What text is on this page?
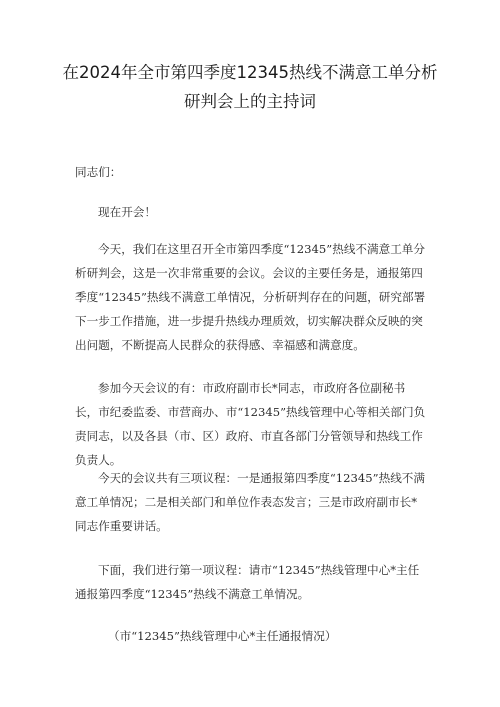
在2024年全市第四季度12345热线不满意工单分析研判会上的主持词

同志们：

现在开会！

今天，我们在这里召开全市第四季度“12345”热线不满意工单分析研判会，这是一次非常重要的会议。会议的主要任务是，通报第四季度“12345”热线不满意工单情况，分析研判存在的问题，研究部署下一步工作措施，进一步提升热线办理质效，切实解决群众反映的突出问题，不断提高人民群众的获得感、幸福感和满意度。

参加今天会议的有：市政府副市长*同志，市政府各位副秘书长，市纪委监委、市营商办、市“12345”热线管理中心等相关部门负责同志，以及各县（市、区）政府、市直各部门分管领导和热线工作负责人。

今天的会议共有三项议程：一是通报第四季度“12345”热线不满意工单情况；二是相关部门和单位作表态发言；三是市政府副市长*同志作重要讲话。

下面，我们进行第一项议程：请市“12345”热线管理中心*主任通报第四季度“12345”热线不满意工单情况。

（市“12345”热线管理中心*主任通报情况）
